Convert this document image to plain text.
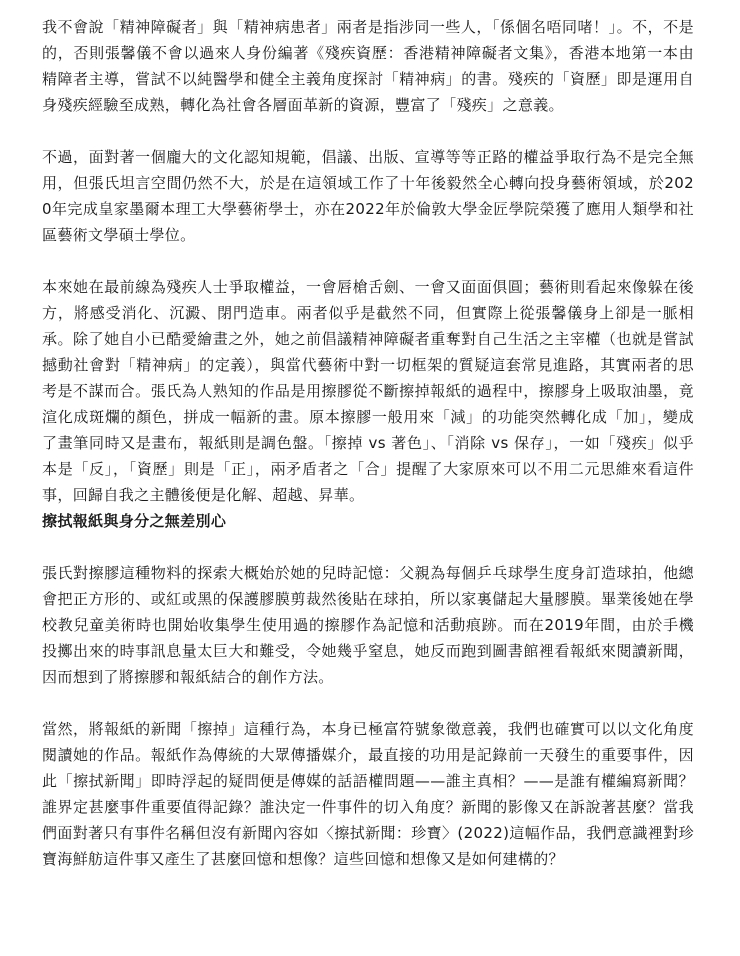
我不會說「精神障礙者」與「精神病患者」兩者是指涉同一些人，「係個名唔同啫！」。不，不是的，否則張馨儀不會以過來人身份編著《殘疾資歷：香港精神障礙者文集》，香港本地第一本由精障者主導，嘗試不以純醫學和健全主義角度探討「精神病」的書。殘疾的「資歷」即是運用自身殘疾經驗至成熟，轉化為社會各層面革新的資源，豐富了「殘疾」之意義。

不過，面對著一個龐大的文化認知規範，倡議、出版、宣導等等正路的權益爭取行為不是完全無用，但張氏坦言空間仍然不大，於是在這領域工作了十年後毅然全心轉向投身藝術領域，於2020年完成皇家墨爾本理工大學藝術學士，亦在2022年於倫敦大學金匠學院榮獲了應用人類學和社區藝術文學碩士學位。

本來她在最前線為殘疾人士爭取權益，一會唇槍舌劍、一會又面面俱圓；藝術則看起來像躲在後方，將感受消化、沉澱、閉門造車。兩者似乎是截然不同，但實際上從張馨儀身上卻是一脈相承。除了她自小已酷愛繪畫之外，她之前倡議精神障礙者重奪對自己生活之主宰權（也就是嘗試撼動社會對「精神病」的定義），與當代藝術中對一切框架的質疑這套常見進路，其實兩者的思考是不謀而合。張氏為人熟知的作品是用擦膠從不斷擦掉報紙的過程中，擦膠身上吸取油墨，竟渲化成斑爛的顏色，拼成一幅新的畫。原本擦膠一般用來「減」的功能突然轉化成「加」，變成了畫筆同時又是畫布，報紙則是調色盤。「擦掉 vs 著色」、「消除 vs 保存」，一如「殘疾」似乎本是「反」，「資歷」則是「正」，兩矛盾者之「合」提醒了大家原來可以不用二元思維來看這件事，回歸自我之主體後便是化解、超越、昇華。

擦拭報紙與身分之無差別心

張氏對擦膠這種物料的探索大概始於她的兒時記憶：父親為每個乒乓球學生度身訂造球拍，他總會把正方形的、或紅或黑的保護膠膜剪裁然後貼在球拍，所以家裏儲起大量膠膜。畢業後她在學校教兒童美術時也開始收集學生使用過的擦膠作為記憶和活動痕跡。而在2019年間，由於手機投擲出來的時事訊息量太巨大和難受，令她幾乎窒息，她反而跑到圖書館裡看報紙來閱讀新聞，因而想到了將擦膠和報紙結合的創作方法。

當然，將報紙的新聞「擦掉」這種行為，本身已極富符號象徵意義，我們也確實可以以文化角度閱讀她的作品。報紙作為傳統的大眾傳播媒介，最直接的功用是記錄前一天發生的重要事件，因此「擦拭新聞」即時浮起的疑問便是傳媒的話語權問題——誰主真相？——是誰有權編寫新聞？誰界定甚麼事件重要值得記錄？誰決定一件事件的切入角度？新聞的影像又在訴說著甚麼？當我們面對著只有事件名稱但沒有新聞內容如〈擦拭新聞：珍寶〉(2022)這幅作品，我們意識裡對珍寶海鮮舫這件事又產生了甚麼回憶和想像？這些回憶和想像又是如何建構的？
